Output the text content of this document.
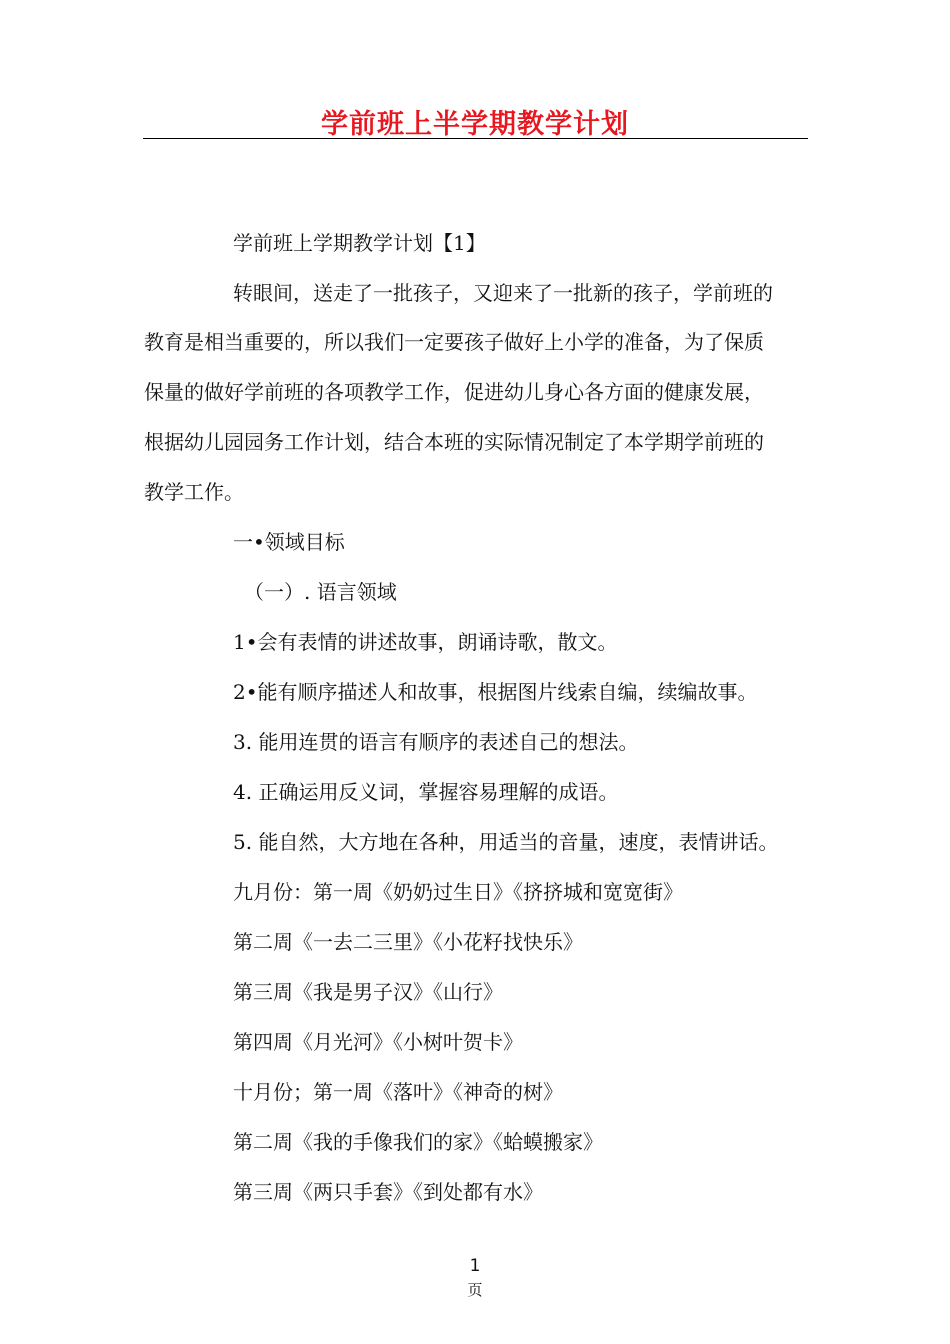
学前班上半学期教学计划
学前班上学期教学计划【1】
转眼间，送走了一批孩子，又迎来了一批新的孩子，学前班的
教育是相当重要的，所以我们一定要孩子做好上小学的准备，为了保质
保量的做好学前班的各项教学工作，促进幼儿身心各方面的健康发展，
根据幼儿园园务工作计划，结合本班的实际情况制定了本学期学前班的
教学工作。
一•领域目标
（一）. 语言领域
1•会有表情的讲述故事，朗诵诗歌，散文。
2•能有顺序描述人和故事，根据图片线索自编，续编故事。
3. 能用连贯的语言有顺序的表述自己的想法。
4. 正确运用反义词，掌握容易理解的成语。
5. 能自然，大方地在各种，用适当的音量，速度，表情讲话。
九月份：第一周《奶奶过生日》《挤挤城和宽宽街》
第二周《一去二三里》《小花籽找快乐》
第三周《我是男子汉》《山行》
第四周《月光河》《小树叶贺卡》
十月份；第一周《落叶》《神奇的树》
第二周《我的手像我们的家》《蛤蟆搬家》
第三周《两只手套》《到处都有水》
1
页
